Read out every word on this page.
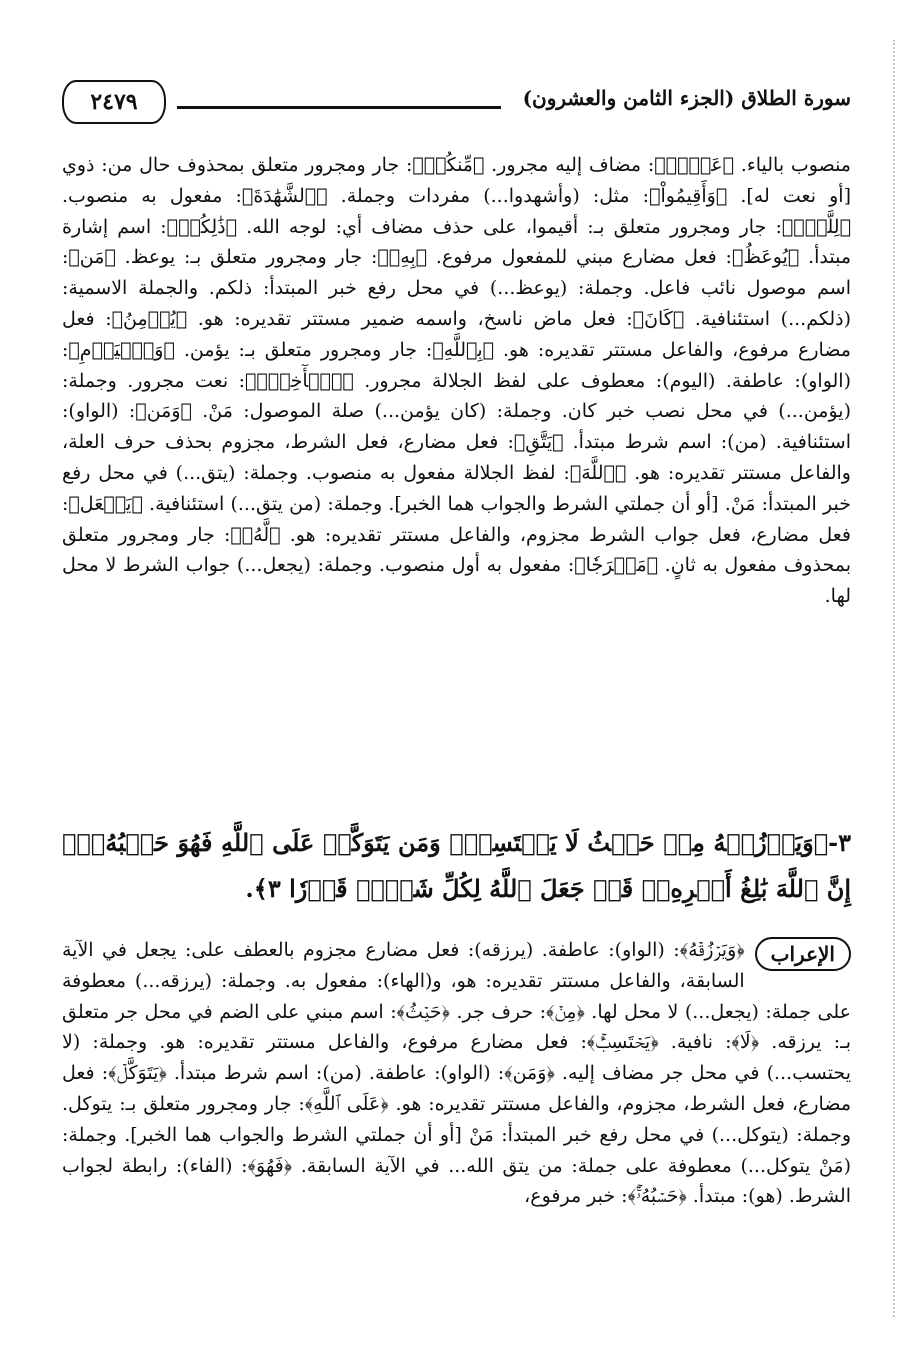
٢٤٧٩	سورة الطلاق (الجزء الثامن والعشرون)

منصوب بالياء. ﴿عَدۡلٖ﴾: مضاف إليه مجرور. ﴿مِّنكُمۡ﴾: جار ومجرور متعلق بمحذوف حال من: ذوي [أو نعت له]. ﴿وَأَقِيمُواْ﴾: مثل: (وأشهدوا...) مفردات وجملة. ﴿ٱلشَّهَٰدَةَ﴾: مفعول به منصوب. ﴿لِلَّهِۚ﴾: جار ومجرور متعلق بـ: أقيموا، على حذف مضاف أي: لوجه الله. ﴿ذَٰلِكُمۡ﴾: اسم إشارة مبتدأ. ﴿يُوعَظُ﴾: فعل مضارع مبني للمفعول مرفوع. ﴿بِهِۦ﴾: جار ومجرور متعلق بـ: يوعظ. ﴿مَن﴾: اسم موصول نائب فاعل. وجملة: (يوعظ...) في محل رفع خبر المبتدأ: ذلكم. والجملة الاسمية: (ذلكم...) استئنافية. ﴿كَانَ﴾: فعل ماض ناسخ، واسمه ضمير مستتر تقديره: هو. ﴿يُؤۡمِنُ﴾: فعل مضارع مرفوع، والفاعل مستتر تقديره: هو. ﴿بِٱللَّهِ﴾: جار ومجرور متعلق بـ: يؤمن. ﴿وَٱلۡيَوۡمِ﴾: (الواو): عاطفة. (اليوم): معطوف على لفظ الجلالة مجرور. ﴿ٱلۡأٓخِرِۚ﴾: نعت مجرور. وجملة: (يؤمن...) في محل نصب خبر كان. وجملة: (كان يؤمن...) صلة الموصول: مَنْ. ﴿وَمَن﴾: (الواو): استئنافية. (من): اسم شرط مبتدأ. ﴿يَتَّقِ﴾: فعل مضارع، فعل الشرط، مجزوم بحذف حرف العلة، والفاعل مستتر تقديره: هو. ﴿ٱللَّهَ﴾: لفظ الجلالة مفعول به منصوب. وجملة: (يتق...) في محل رفع خبر المبتدأ: مَنْ. [أو أن جملتي الشرط والجواب هما الخبر]. وجملة: (من يتق...) استئنافية. ﴿يَجۡعَل﴾: فعل مضارع، فعل جواب الشرط مجزوم، والفاعل مستتر تقديره: هو. ﴿لَّهُۥ﴾: جار ومجرور متعلق بمحذوف مفعول به ثانٍ. ﴿مَخۡرَجٗا﴾: مفعول به أول منصوب. وجملة: (يجعل...) جواب الشرط لا محل لها.

٣-﴿وَيَرۡزُقۡهُ مِنۡ حَيۡثُ لَا يَحۡتَسِبُۚ وَمَن يَتَوَكَّلۡ عَلَى ٱللَّهِ فَهُوَ حَسۡبُهُۥٓۚ إِنَّ ٱللَّهَ بَٰلِغُ أَمۡرِهِۦۚ قَدۡ جَعَلَ ٱللَّهُ لِكُلِّ شَيۡءٖ قَدۡرٗا ٣﴾.
الإعراب
﴿وَيَرۡزُقۡهُ﴾: (الواو): عاطفة. (يرزقه): فعل مضارع مجزوم بالعطف على: يجعل في الآية السابقة، والفاعل مستتر تقديره: هو، و(الهاء): مفعول به. وجملة: (يرزقه...) معطوفة على جملة: (يجعل...) لا محل لها. ﴿مِنۡ﴾: حرف جر. ﴿حَيۡثُ﴾: اسم مبني على الضم في محل جر متعلق بـ: يرزقه. ﴿لَا﴾: نافية. ﴿يَحۡتَسِبُۚ﴾: فعل مضارع مرفوع، والفاعل مستتر تقديره: هو. وجملة: (لا يحتسب...) في محل جر مضاف إليه. ﴿وَمَن﴾: (الواو): عاطفة. (من): اسم شرط مبتدأ. ﴿يَتَوَكَّلۡ﴾: فعل مضارع، فعل الشرط، مجزوم، والفاعل مستتر تقديره: هو. ﴿عَلَى ٱللَّهِ﴾: جار ومجرور متعلق بـ: يتوكل. وجملة: (يتوكل...) في محل رفع خبر المبتدأ: مَنْ [أو أن جملتي الشرط والجواب هما الخبر]. وجملة: (مَنْ يتوكل...) معطوفة على جملة: من يتق الله... في الآية السابقة. ﴿فَهُوَ﴾: (الفاء): رابطة لجواب الشرط. (هو): مبتدأ. ﴿حَسۡبُهُۥٓۚ﴾: خبر مرفوع،
